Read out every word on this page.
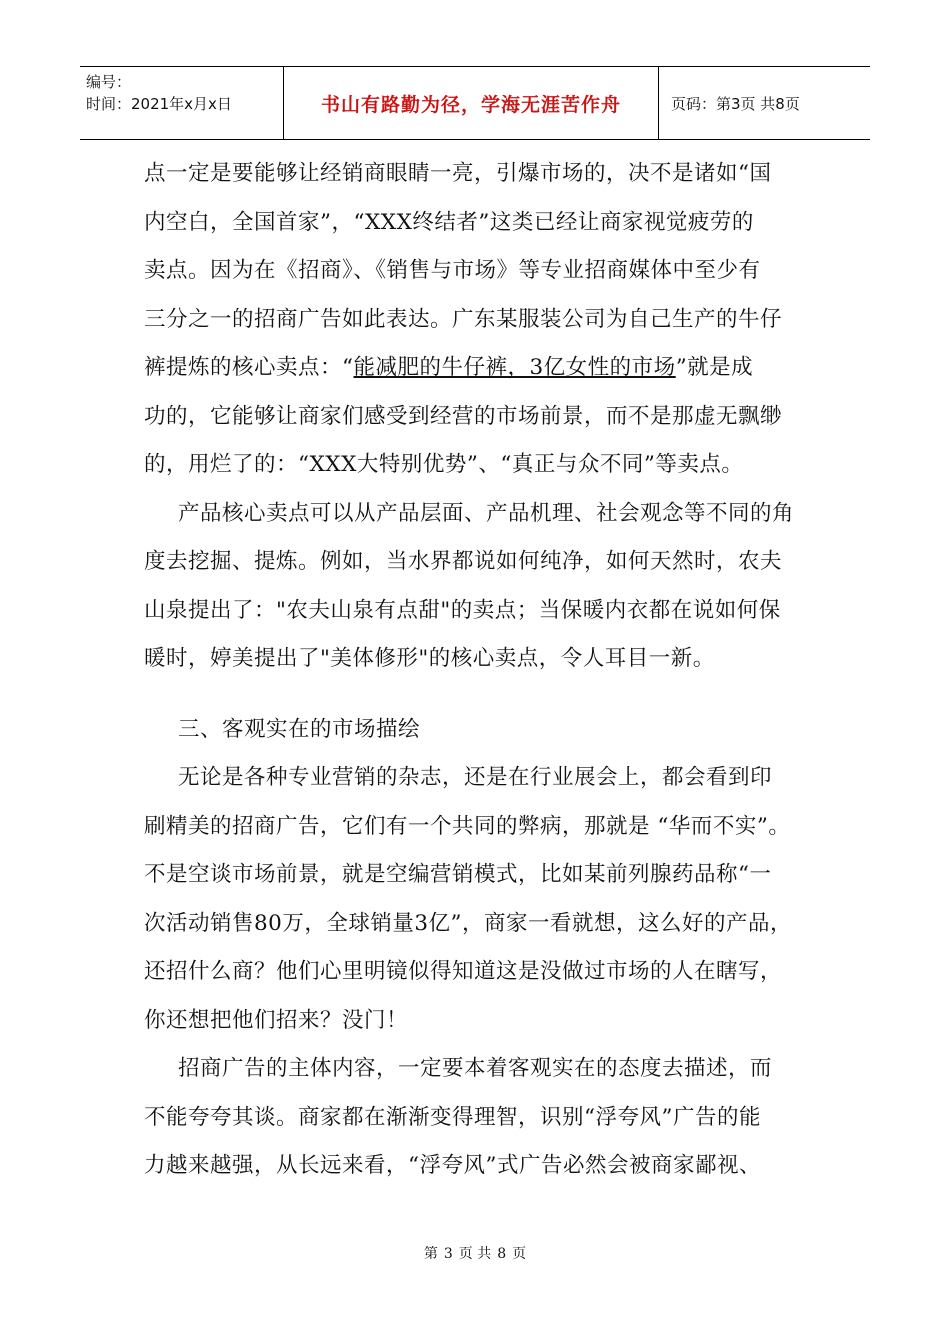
编号：
时间：2021年x月x日	书山有路勤为径，学海无涯苦作舟	页码：第3页 共8页
点一定是要能够让经销商眼睛一亮，引爆市场的，决不是诸如“国
内空白，全国首家”，“XXX终结者”这类已经让商家视觉疲劳的
卖点。因为在《招商》、《销售与市场》等专业招商媒体中至少有
三分之一的招商广告如此表达。广东某服装公司为自己生产的牛仔
裤提炼的核心卖点：“能减肥的牛仔裤，3亿女性的市场”就是成
功的，它能够让商家们感受到经营的市场前景，而不是那虚无飘缈
的，用烂了的：“XXX大特别优势”、“真正与众不同”等卖点。
产品核心卖点可以从产品层面、产品机理、社会观念等不同的角
度去挖掘、提炼。例如，当水界都说如何纯净，如何天然时，农夫
山泉提出了："农夫山泉有点甜"的卖点；当保暖内衣都在说如何保
暖时，婷美提出了"美体修形"的核心卖点，令人耳目一新。
三、客观实在的市场描绘
无论是各种专业营销的杂志，还是在行业展会上，都会看到印
刷精美的招商广告，它们有一个共同的弊病，那就是 “华而不实”。
不是空谈市场前景，就是空编营销模式，比如某前列腺药品称“一
次活动销售80万，全球销量3亿”，商家一看就想，这么好的产品，
还招什么商？他们心里明镜似得知道这是没做过市场的人在瞎写，
你还想把他们招来？没门！
招商广告的主体内容，一定要本着客观实在的态度去描述，而
不能夸夸其谈。商家都在渐渐变得理智，识别“浮夸风”广告的能
力越来越强，从长远来看，“浮夸风”式广告必然会被商家鄙视、
第 3 页 共 8 页
